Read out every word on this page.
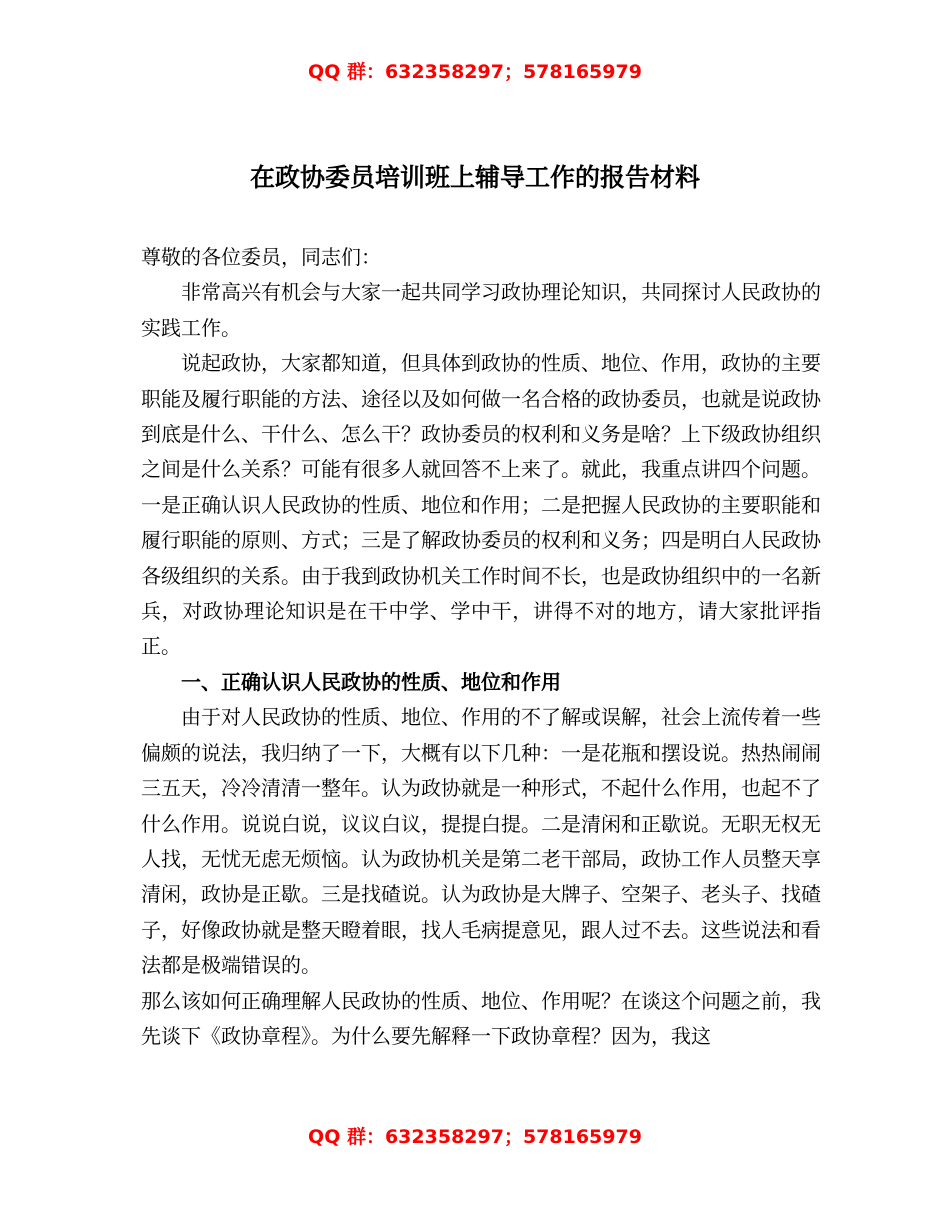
QQ 群：632358297；578165979
在政协委员培训班上辅导工作的报告材料

尊敬的各位委员，同志们：

非常高兴有机会与大家一起共同学习政协理论知识，共同探讨人民政协的实践工作。

说起政协，大家都知道，但具体到政协的性质、地位、作用，政协的主要职能及履行职能的方法、途径以及如何做一名合格的政协委员，也就是说政协到底是什么、干什么、怎么干？政协委员的权利和义务是啥？上下级政协组织之间是什么关系？可能有很多人就回答不上来了。就此，我重点讲四个问题。一是正确认识人民政协的性质、地位和作用；二是把握人民政协的主要职能和履行职能的原则、方式；三是了解政协委员的权利和义务；四是明白人民政协各级组织的关系。由于我到政协机关工作时间不长，也是政协组织中的一名新兵，对政协理论知识是在干中学、学中干，讲得不对的地方，请大家批评指正。

一、正确认识人民政协的性质、地位和作用

由于对人民政协的性质、地位、作用的不了解或误解，社会上流传着一些偏颇的说法，我归纳了一下，大概有以下几种：一是花瓶和摆设说。热热闹闹三五天，冷冷清清一整年。认为政协就是一种形式，不起什么作用，也起不了什么作用。说说白说，议议白议，提提白提。二是清闲和正歇说。无职无权无人找，无忧无虑无烦恼。认为政协机关是第二老干部局，政协工作人员整天享清闲，政协是正歇。三是找碴说。认为政协是大牌子、空架子、老头子、找碴子，好像政协就是整天瞪着眼，找人毛病提意见，跟人过不去。这些说法和看法都是极端错误的。

那么该如何正确理解人民政协的性质、地位、作用呢？在谈这个问题之前，我先谈下《政协章程》。为什么要先解释一下政协章程？因为，我这

QQ 群：632358297；578165979
